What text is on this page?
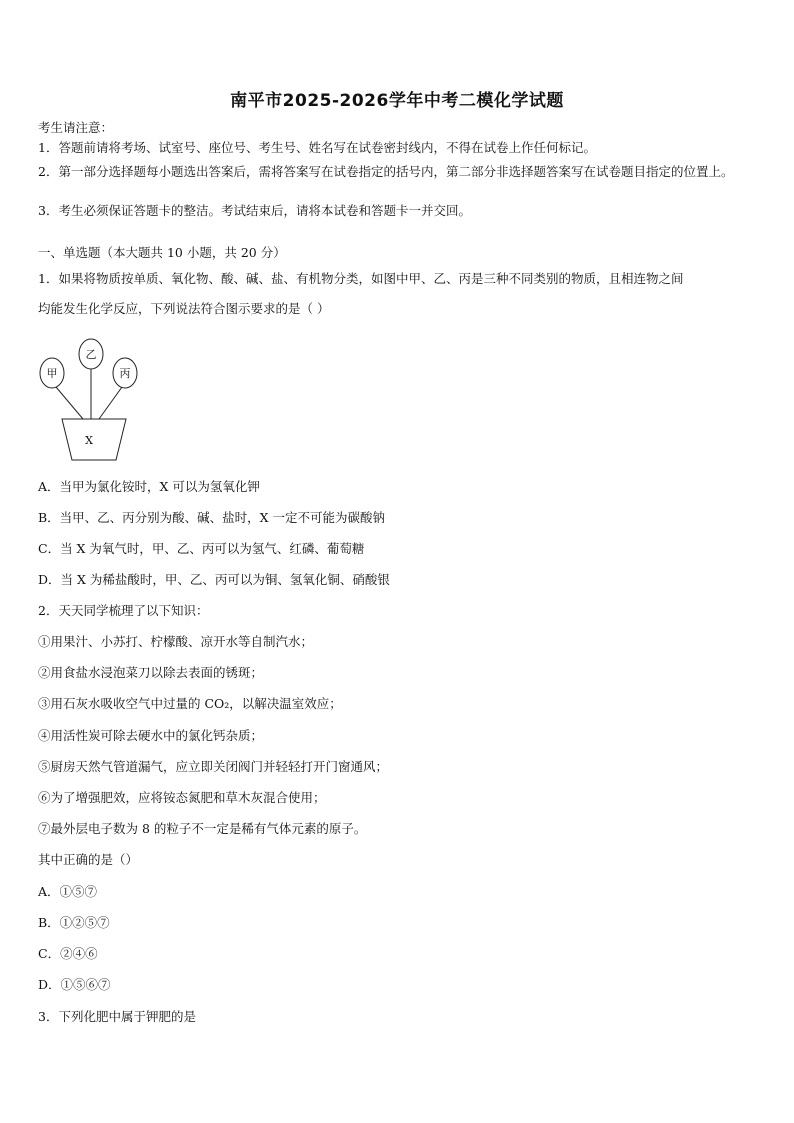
南平市2025-2026学年中考二模化学试题
考生请注意：
1．答题前请将考场、试室号、座位号、考生号、姓名写在试卷密封线内，不得在试卷上作任何标记。
2．第一部分选择题每小题选出答案后，需将答案写在试卷指定的括号内，第二部分非选择题答案写在试卷题目指定的位置上。
3．考生必须保证答题卡的整洁。考试结束后，请将本试卷和答题卡一并交回。
一、单选题（本大题共 10 小题，共 20 分）
1．如果将物质按单质、氧化物、酸、碱、盐、有机物分类，如图中甲、乙、丙是三种不同类别的物质，且相连物之间
均能发生化学反应，下列说法符合图示要求的是（ ）
乙
甲	丙
X
A．当甲为氯化铵时，X 可以为氢氧化钾
B．当甲、乙、丙分别为酸、碱、盐时，X 一定不可能为碳酸钠
C．当 X 为氧气时，甲、乙、丙可以为氢气、红磷、葡萄糖
D．当 X 为稀盐酸时，甲、乙、丙可以为铜、氢氧化铜、硝酸银
2．天天同学梳理了以下知识：
①用果汁、小苏打、柠檬酸、凉开水等自制汽水；
②用食盐水浸泡菜刀以除去表面的锈斑；
③用石灰水吸收空气中过量的 CO₂，以解决温室效应；
④用活性炭可除去硬水中的氯化钙杂质；
⑤厨房天然气管道漏气，应立即关闭阀门并轻轻打开门窗通风；
⑥为了增强肥效，应将铵态氮肥和草木灰混合使用；
⑦最外层电子数为 8 的粒子不一定是稀有气体元素的原子。
其中正确的是（）
A．①⑤⑦
B．①②⑤⑦
C．②④⑥
D．①⑤⑥⑦
3．下列化肥中属于钾肥的是
